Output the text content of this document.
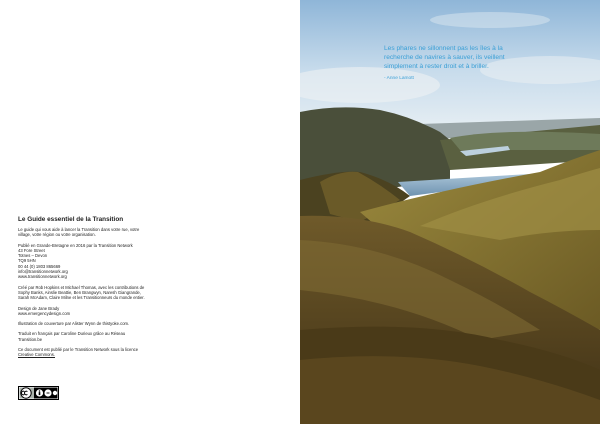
Le Guide essentiel de la Transition

Le guide qui vous aide à lancer la Transition dans votre rue, votre
village, votre région ou votre organisation.

Publié en Grande-Bretagne en 2016 par la Transition Network
43 Fore Street
Totnes – Devon
TQ9 5HN
00 44 (0) 1803 865669
info@transitionnetwork.org
www.transitionnetwork.org

Créé par Rob Hopkins et Michael Thomas, avec les contributions de
Sophy Banks, Ainslie Beattie, Ben Brangwyn, Naresh Giangrande,
Sarah McAdam, Claire Milne et les Transitionneurs du monde entier.

Design de Jane Brady
www.emergencydesign.com

Illustration de couverture par Alister Wynn de thistyoke.com.

Traduit en français par Caroline Durieux grâce au Réseau
Transition.be

Ce document est publié par le Transition Network sous la licence
Creative Commons.

Les phares ne sillonnent pas les îles à la recherche de navires à sauver, ils veillent simplement à rester droit et à briller.

- Anne Lamott
